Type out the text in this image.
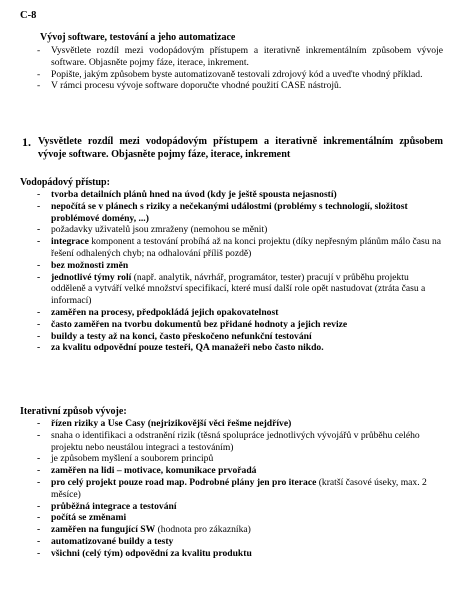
C-8
Vývoj software, testování a jeho automatizace
- Vysvětlete rozdíl mezi vodopádovým přístupem a iterativně inkrementálním způsobem vývoje software. Objasněte pojmy fáze, iterace, inkrement.
- Popište, jakým způsobem byste automatizovaně testovali zdrojový kód a uveďte vhodný příklad.
- V rámci procesu vývoje software doporučte vhodné použití CASE nástrojů.
1. Vysvětlete rozdíl mezi vodopádovým přístupem a iterativně inkrementálním způsobem vývoje software. Objasněte pojmy fáze, iterace, inkrement
Vodopádový přístup:
- tvorba detailních plánů hned na úvod (kdy je ještě spousta nejasností)
- nepočítá se v plánech s riziky a nečekanými událostmi (problémy s technologií, složitost problémové domény, ...)
- požadavky uživatelů jsou zmraženy (nemohou se měnit)
- integrace komponent a testování probíhá až na konci projektu (díky nepřesným plánům málo času na řešení odhalených chyb; na odhalování příliš pozdě)
- bez možnosti změn
- jednotlivé týmy rolí (např. analytik, návrhář, programátor, tester) pracují v průběhu projektu odděleně a vytváří velké množství specifikací, které musí další role opět nastudovat (ztráta času a informací)
- zaměřen na procesy, předpokládá jejich opakovatelnost
- často zaměřen na tvorbu dokumentů bez přidané hodnoty a jejich revize
- buildy a testy až na konci, často přeskočeno nefunkční testování
- za kvalitu odpovědní pouze testeři, QA manažeři nebo často nikdo.
Iterativní způsob vývoje:
- řízen riziky a Use Casy (nejrizikovější věci řešme nejdříve)
- snaha o identifikaci a odstranění rizik (těsná spolupráce jednotlivých vývojářů v průběhu celého projektu nebo neustálou integraci a testováním)
- je způsobem myšlení a souborem principů
- zaměřen na lidi – motivace, komunikace prvořadá
- pro celý projekt pouze road map. Podrobné plány jen pro iterace (kratší časové úseky, max. 2 měsíce)
- průběžná integrace a testování
- počítá se změnami
- zaměřen na fungující SW (hodnota pro zákazníka)
- automatizované buildy a testy
- všichni (celý tým) odpovědní za kvalitu produktu
